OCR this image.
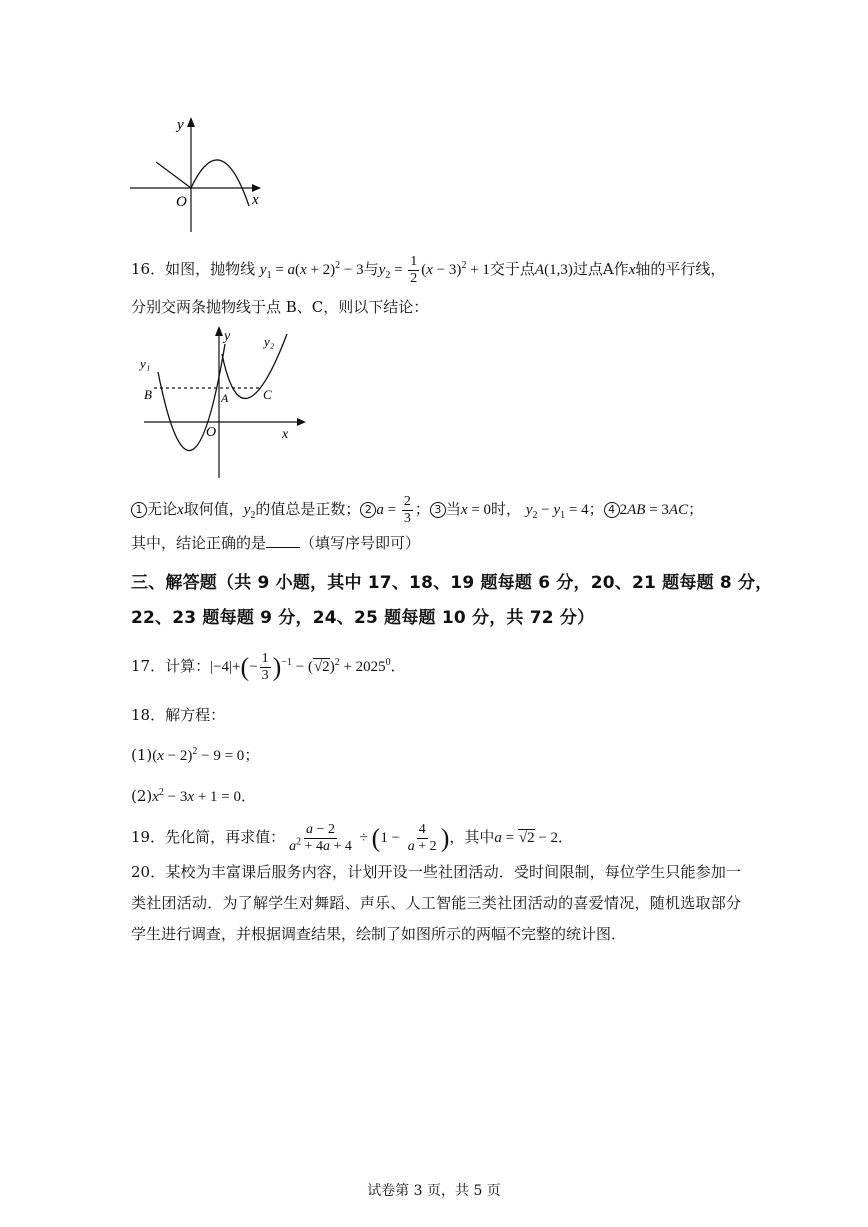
y
x
O
16．如图，抛物线 $y_1 = a(x + 2)^2 - 3$与$y_2 = \frac{1}{2} (x - 3)^2 + 1$交于点A(1,3)过点A作x轴的平行线，
分别交两条抛物线于点 B、C，则以下结论：
y₁
y₂
y
x
O
A
B	C
1 无论x取何值，$y_2$的值总是正数； 2 $a = \frac{2}{3}$ ； 3 当x = 0时， $y_2 - y_1 = 4$； 4 2AB = 3AC；
其中，结论正确的是 （填写序号即可）
三、解答题（共 9 小题，其中 17、18、19 题每题 6 分，20、21 题每题 8 分，
22、23 题每题 9 分，24、25 题每题 10 分，共 72 分）
17．计算：$|-4|+(- \frac{1}{3} )^{-1} - (√2)^2 + 2025^0$．
18．解方程：
$(1)(x - 2)^2 - 9 = 0$；
$(2)x^2 - 3x + 1 = 0$．
19．先化简，再求值： $\frac{a - 2}{a^2 + 4a + 4} \div (1 - \frac{4}{a + 2}$ )，其中a = √2 − 2．
20．某校为丰富课后服务内容，计划开设一些社团活动．受时间限制，每位学生只能参加一类社团活动．为了解学生对舞蹈、声乐、人工智能三类社团活动的喜爱情况，随机选取部分学生进行调查，并根据调查结果，绘制了如图所示的两幅不完整的统计图．
试卷第 3 页，共 5 页
